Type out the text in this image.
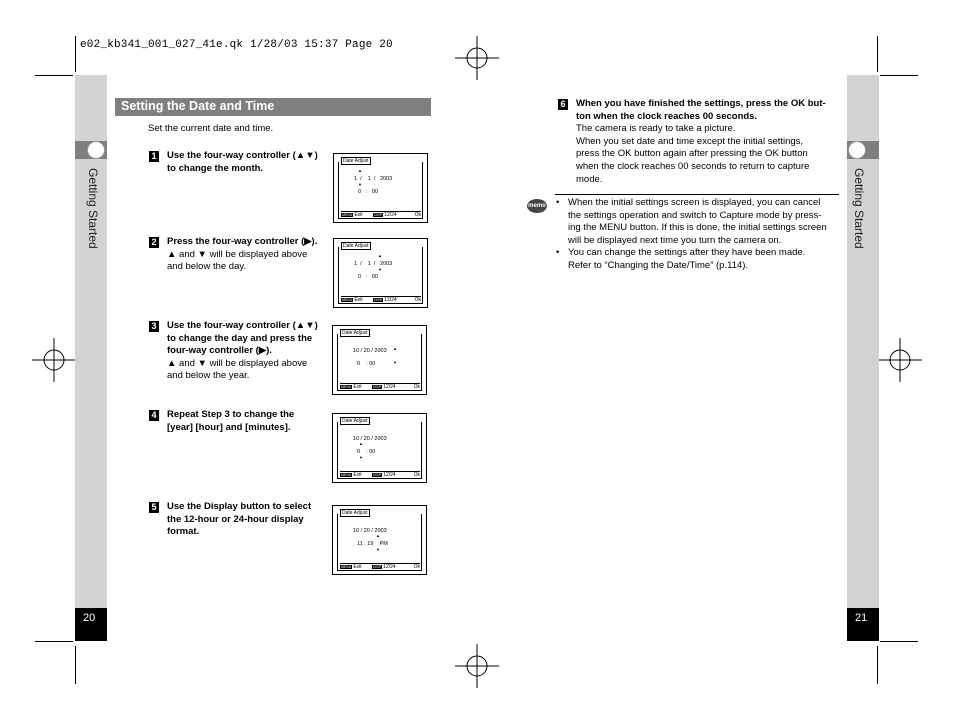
e02_kb341_001_027_41e.qk 1/28/03 15:37 Page 20
Getting Started
20
Getting Started
21
Setting the Date and Time
Set the current date and time.
1 Use the four-way controller (▲▼)
to change the month.
2 Press the four-way controller (▶).
▲ and ▼ will be displayed above
and below the day.
3 Use the four-way controller (▲▼)
to change the day and press the
four-way controller (▶).
▲ and ▼ will be displayed above
and below the year.
4 Repeat Step 3 to change the
[year] [hour] and [minutes].
5 Use the Display button to select
the 12-hour or 24-hour display
format.
Date Adjust
1  /    1  /   2003
0   :   00
▲
▼
MENU Exit	DISP 12/24	Ok
Date Adjust
1  /    1  /   2003
0   :   00
▲
▼
MENU Exit	DISP 12/24	Ok
Date Adjust
10 / 20 / 2003
0    : 00
▲
▼
MENU Exit	DISP 12/24	Ok
Date Adjust
10 / 20 / 2003
0    : 00
▲
▼
MENU Exit	DISP 12/24	Ok
Date Adjust
10 / 20 / 2003
11 : 19    PM
▲
▼
MENU Exit	DISP 12/24	Ok
6 When you have finished the settings, press the OK but-
ton when the clock reaches 00 seconds.
The camera is ready to take a picture.
When you set date and time except the initial settings,
press the OK button again after pressing the OK button
when the clock reaches 00 seconds to return to capture
mode.
memo • When the initial settings screen is displayed, you can cancel
the settings operation and switch to Capture mode by press-
ing the MENU button. If this is done, the initial settings screen
will be displayed next time you turn the camera on.
• You can change the settings after they have been made.
Refer to “Changing the Date/Time” (p.114).
